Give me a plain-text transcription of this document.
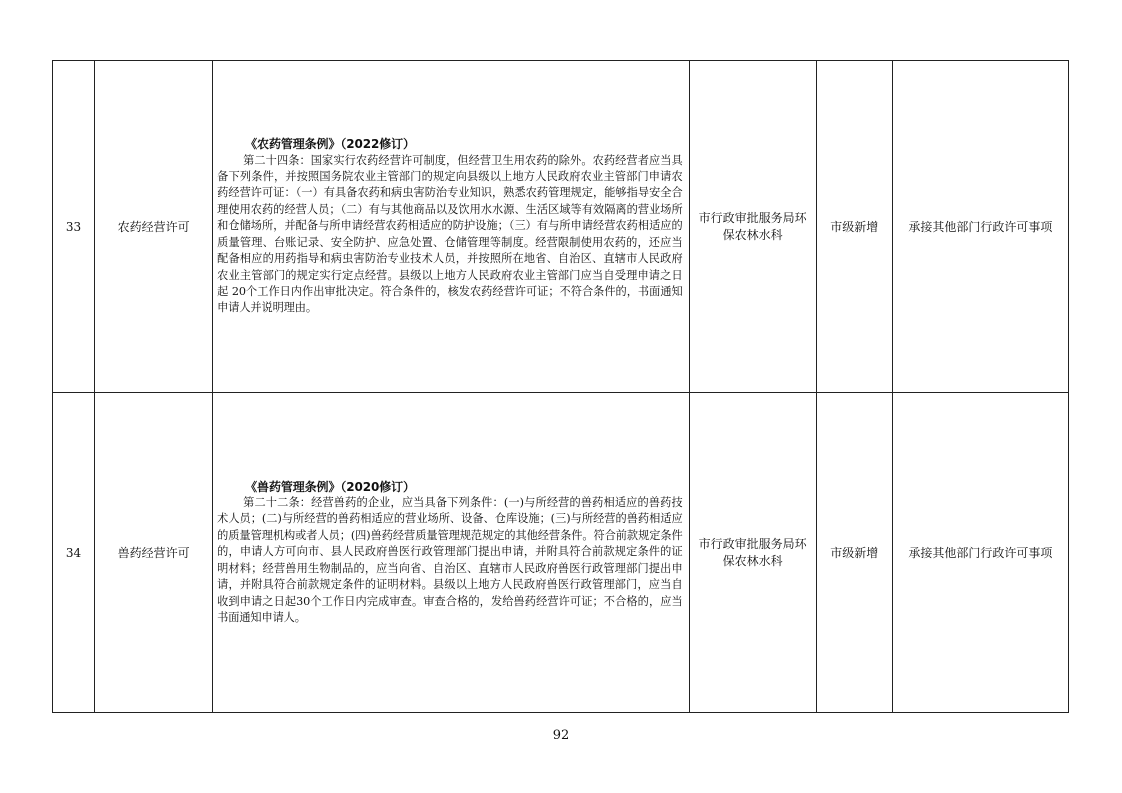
33	农药经营许可	《农药管理条例》（2022修订）
第二十四条：国家实行农药经营许可制度，但经营卫生用农药的除外。农药经营者应当具备下列条件，并按照国务院农业主管部门的规定向县级以上地方人民政府农业主管部门申请农药经营许可证：（一）有具备农药和病虫害防治专业知识，熟悉农药管理规定，能够指导安全合理使用农药的经营人员；（二）有与其他商品以及饮用水水源、生活区域等有效隔离的营业场所和仓储场所，并配备与所申请经营农药相适应的防护设施；（三）有与所申请经营农药相适应的质量管理、台账记录、安全防护、应急处置、仓储管理等制度。经营限制使用农药的，还应当配备相应的用药指导和病虫害防治专业技术人员，并按照所在地省、自治区、直辖市人民政府农业主管部门的规定实行定点经营。县级以上地方人民政府农业主管部门应当自受理申请之日起 20个工作日内作出审批决定。符合条件的，核发农药经营许可证；不符合条件的，书面通知申请人并说明理由。	市行政审批服务局环保农林水科	市级新增	承接其他部门行政许可事项
34	兽药经营许可	《兽药管理条例》（2020修订）
第二十二条：经营兽药的企业，应当具备下列条件：(一)与所经营的兽药相适应的兽药技术人员；(二)与所经营的兽药相适应的营业场所、设备、仓库设施；(三)与所经营的兽药相适应的质量管理机构或者人员；(四)兽药经营质量管理规范规定的其他经营条件。符合前款规定条件的，申请人方可向市、县人民政府兽医行政管理部门提出申请，并附具符合前款规定条件的证明材料；经营兽用生物制品的，应当向省、自治区、直辖市人民政府兽医行政管理部门提出申请，并附具符合前款规定条件的证明材料。县级以上地方人民政府兽医行政管理部门，应当自收到申请之日起30个工作日内完成审查。审查合格的，发给兽药经营许可证；不合格的，应当书面通知申请人。	市行政审批服务局环保农林水科	市级新增	承接其他部门行政许可事项
92
